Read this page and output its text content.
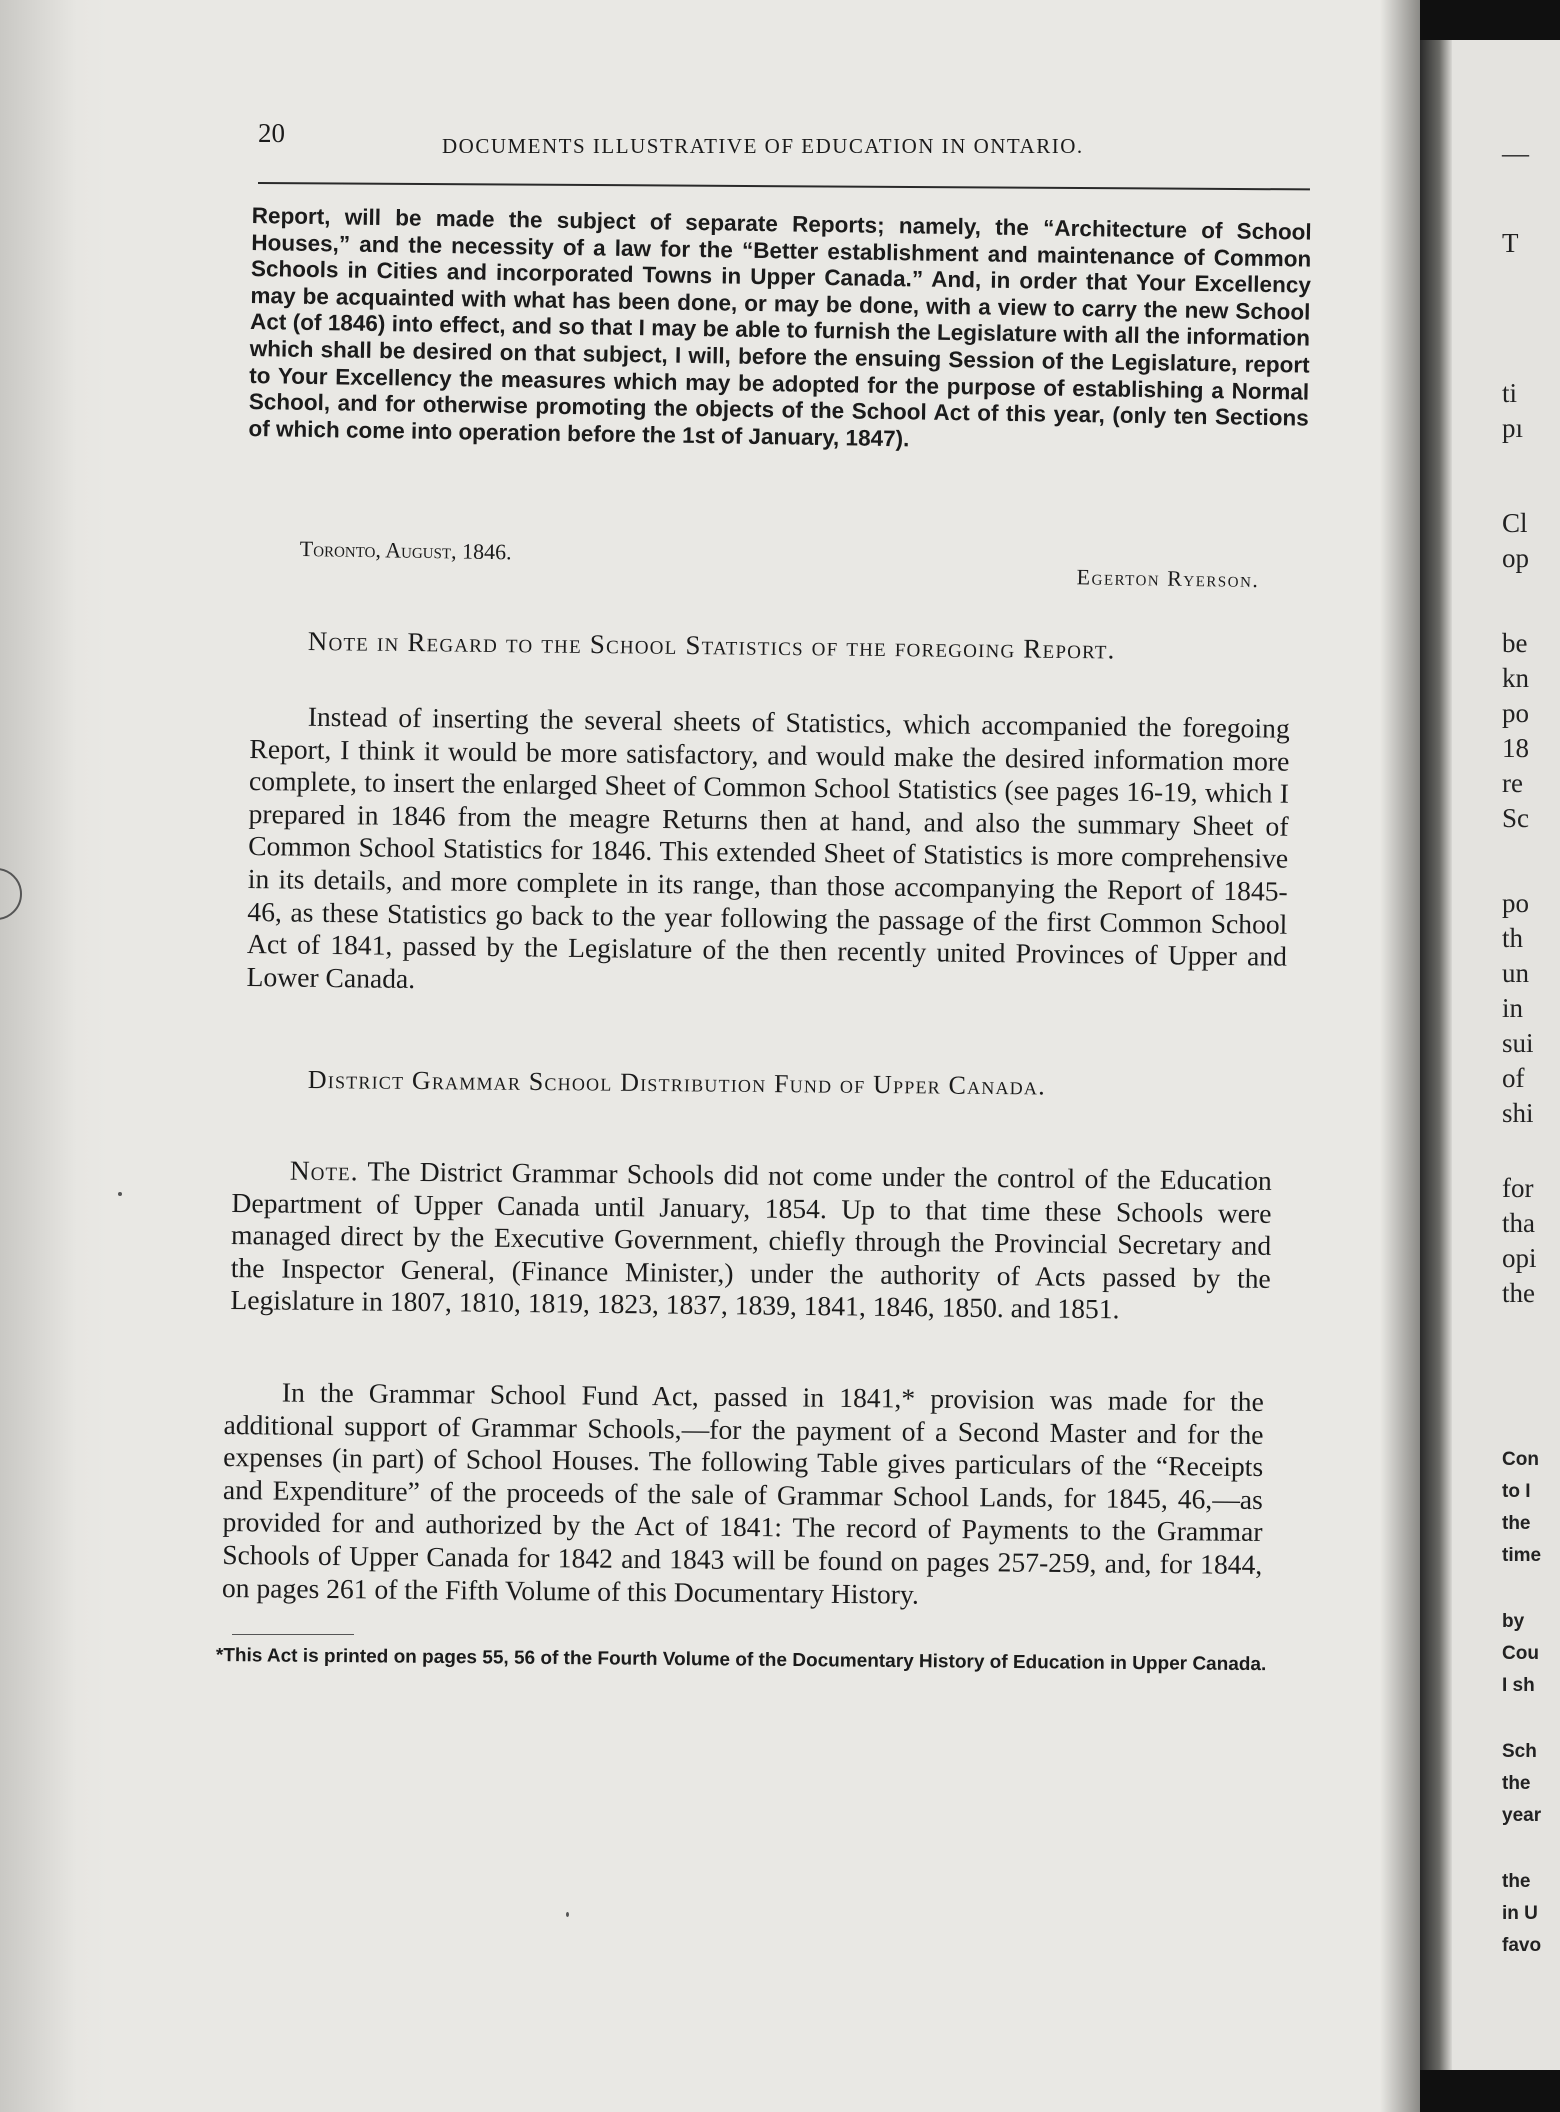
20	DOCUMENTS ILLUSTRATIVE OF EDUCATION IN ONTARIO.
Report, will be made the subject of separate Reports; namely, the “Architecture of School Houses,” and the necessity of a law for the “Better establishment and maintenance of Common Schools in Cities and incorporated Towns in Upper Canada.” And, in order that Your Excellency may be acquainted with what has been done, or may be done, with a view to carry the new School Act (of 1846) into effect, and so that I may be able to furnish the Legislature with all the information which shall be desired on that subject, I will, before the ensuing Session of the Legislature, report to Your Excellency the measures which may be adopted for the purpose of establishing a Normal School, and for otherwise promoting the objects of the School Act of this year, (only ten Sections of which come into operation before the 1st of January, 1847).
Toronto, August, 1846.
Egerton Ryerson.
Note in Regard to the School Statistics of the foregoing Report.

Instead of inserting the several sheets of Statistics, which accompanied the foregoing Report, I think it would be more satisfactory, and would make the desired information more complete, to insert the enlarged Sheet of Common School Statistics (see pages 16-19, which I prepared in 1846 from the meagre Returns then at hand, and also the summary Sheet of Common School Statistics for 1846. This extended Sheet of Statistics is more comprehensive in its details, and more complete in its range, than those accompanying the Report of 1845-46, as these Statistics go back to the year following the passage of the first Common School Act of 1841, passed by the Legislature of the then recently united Provinces of Upper and Lower Canada.

District Grammar School Distribution Fund of Upper Canada.

Note. The District Grammar Schools did not come under the control of the Education Department of Upper Canada until January, 1854. Up to that time these Schools were managed direct by the Executive Government, chiefly through the Provincial Secretary and the Inspector General, (Finance Minister,) under the authority of Acts passed by the Legislature in 1807, 1810, 1819, 1823, 1837, 1839, 1841, 1846, 1850. and 1851.

In the Grammar School Fund Act, passed in 1841,* provision was made for the additional support of Grammar Schools,—for the payment of a Second Master and for the expenses (in part) of School Houses. The following Table gives particulars of the “Receipts and Expenditure” of the proceeds of the sale of Grammar School Lands, for 1845, 46,—as provided for and authorized by the Act of 1841: The record of Payments to the Grammar Schools of Upper Canada for 1842 and 1843 will be found on pages 257-259, and, for 1844, on pages 261 of the Fifth Volume of this Documentary History.

*This Act is printed on pages 55, 56 of the Fourth Volume of the Documentary History of Education in Upper Canada.
—
T
ti
pı
Cl
op
be
kn
po
18
re
Sc
po
th
un
in
sui
of
shi
for
tha
opi
the
Con
to I
the
time
by
Cou
I sh
Sch
the
year
the
in U
favo
